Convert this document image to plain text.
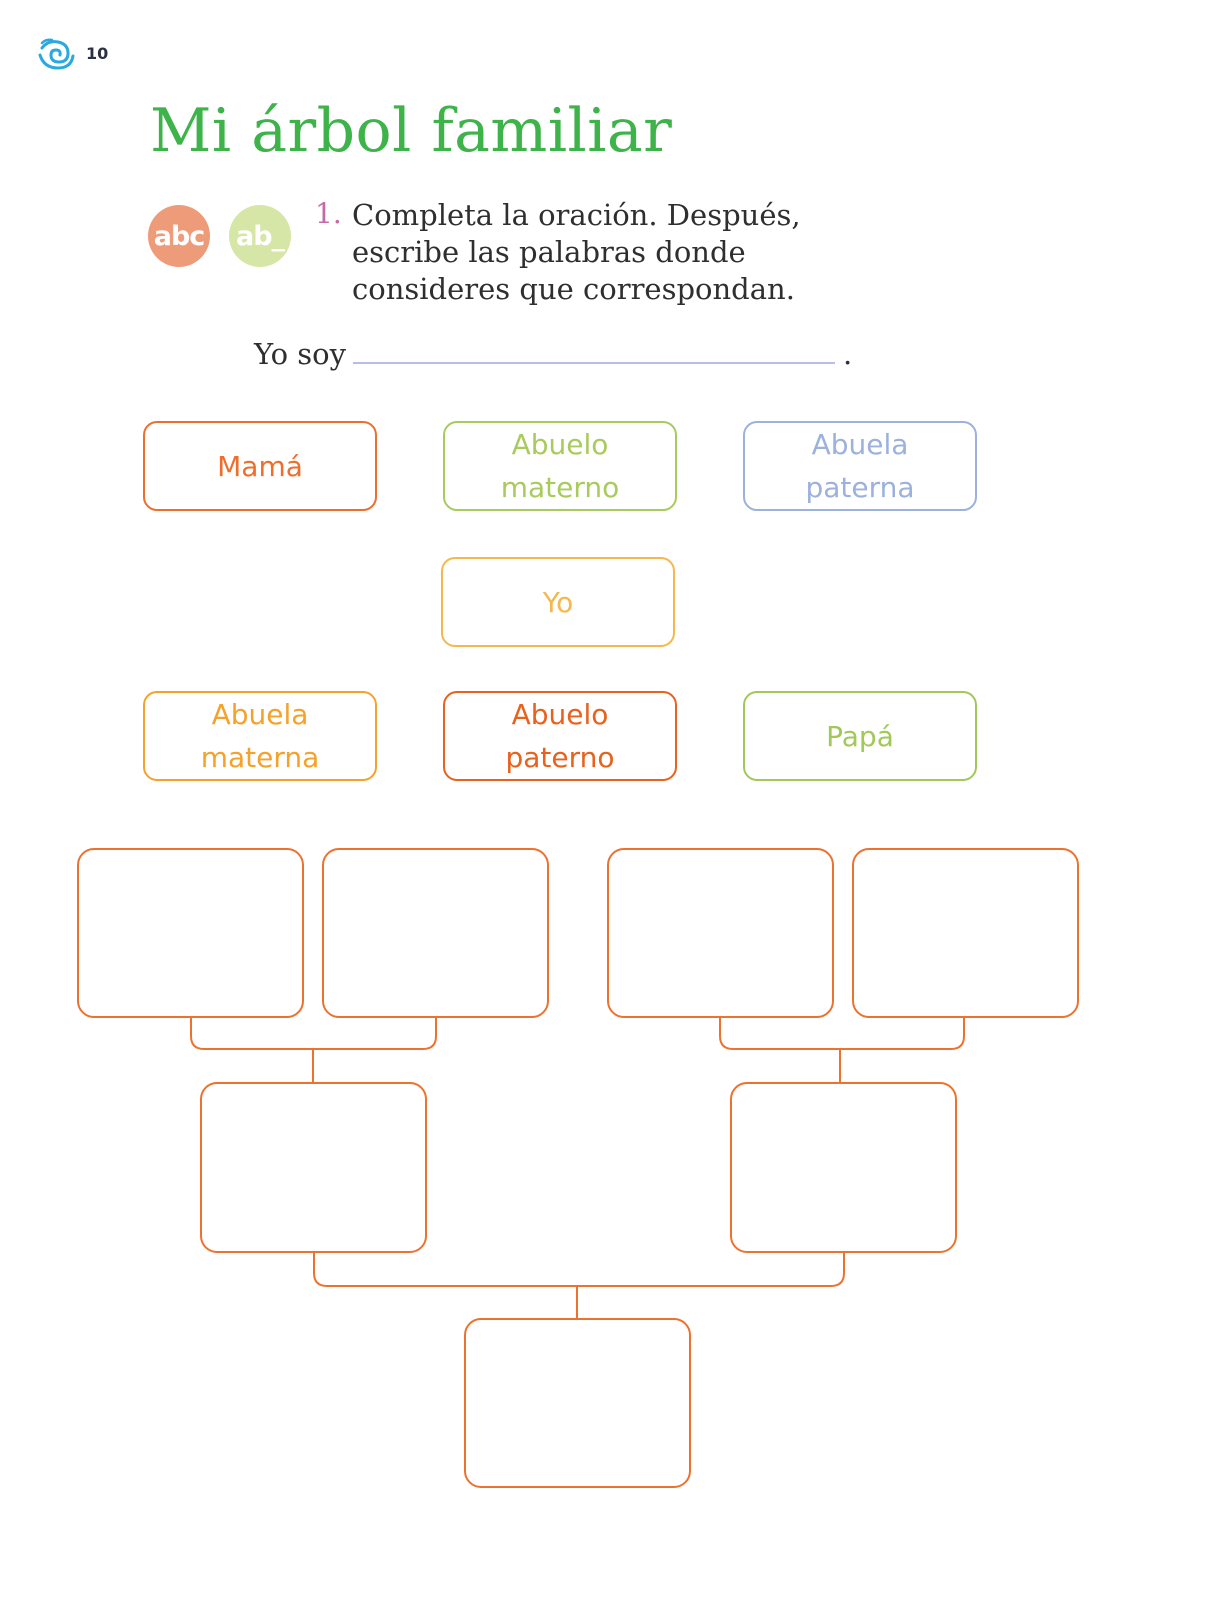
10
Mi árbol familiar
abc ab_
1. Completa la oración. Después,
escribe las palabras donde
consideres que correspondan.
Yo soy	.
Mamá
Abuelo
materno
Abuela
paterna
Yo
Abuela
materna
Abuelo
paterno
Papá
